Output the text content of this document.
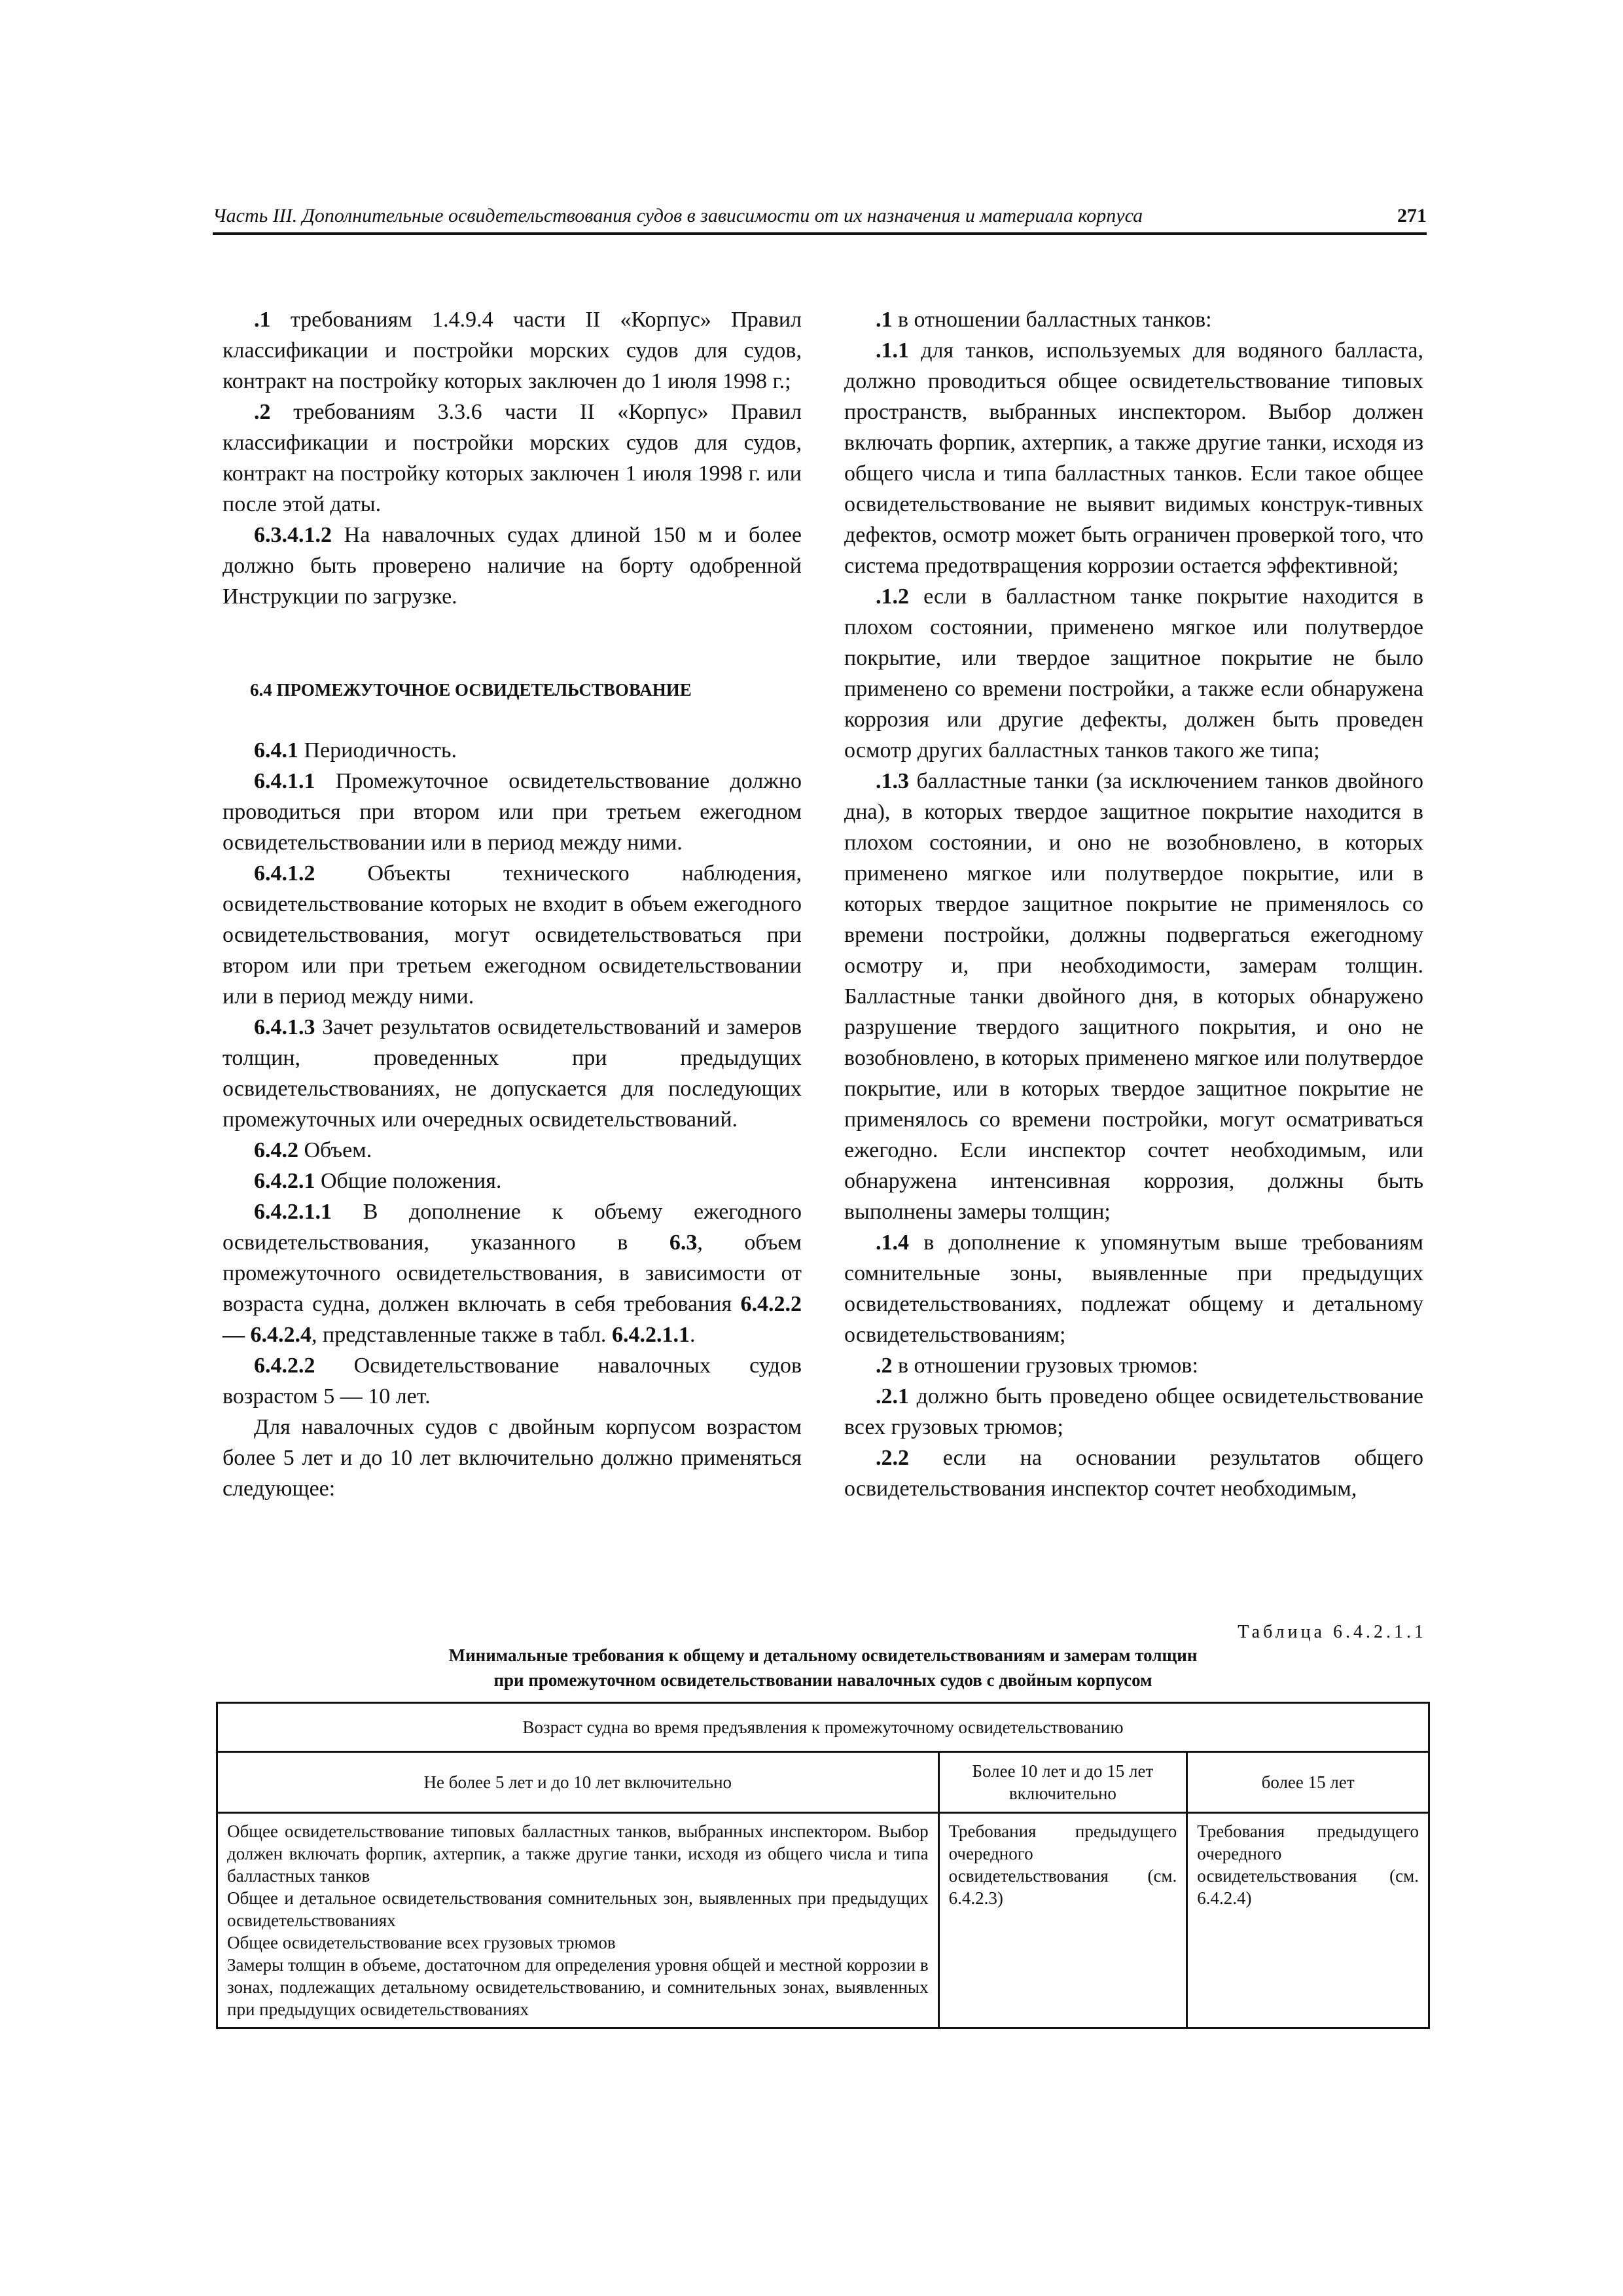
Часть III. Дополнительные освидетельствования судов в зависимости от их назначения и материала корпуса	271

.1 требованиям 1.4.9.4 части II «Корпус» Правил классификации и постройки морских судов для судов, контракт на постройку которых заключен до 1 июля 1998 г.;

.2 требованиям 3.3.6 части II «Корпус» Правил классификации и постройки морских судов для судов, контракт на постройку которых заключен 1 июля 1998 г. или после этой даты.

6.3.4.1.2 На навалочных судах длиной 150 м и более должно быть проверено наличие на борту одобренной Инструкции по загрузке.

6.4 ПРОМЕЖУТОЧНОЕ ОСВИДЕТЕЛЬСТВОВАНИЕ

6.4.1 Периодичность.

6.4.1.1 Промежуточное освидетельствование должно проводиться при втором или при третьем ежегодном освидетельствовании или в период между ними.

6.4.1.2 Объекты технического наблюдения, освидетельствование которых не входит в объем ежегодного освидетельствования, могут освидетельствоваться при втором или при третьем ежегодном освидетельствовании или в период между ними.

6.4.1.3 Зачет результатов освидетельствований и замеров толщин, проведенных при предыдущих освидетельствованиях, не допускается для последующих промежуточных или очередных освидетельствований.

6.4.2 Объем.

6.4.2.1 Общие положения.

6.4.2.1.1 В дополнение к объему ежегодного освидетельствования, указанного в 6.3, объем промежуточного освидетельствования, в зависимости от возраста судна, должен включать в себя требования 6.4.2.2 — 6.4.2.4, представленные также в табл. 6.4.2.1.1.

6.4.2.2 Освидетельствование навалочных судов возрастом 5 — 10 лет.

Для навалочных судов с двойным корпусом возрастом более 5 лет и до 10 лет включительно должно применяться следующее:

.1 в отношении балластных танков:

.1.1 для танков, используемых для водяного балласта, должно проводиться общее освидетельствование типовых пространств, выбранных инспектором. Выбор должен включать форпик, ахтерпик, а также другие танки, исходя из общего числа и типа балластных танков. Если такое общее освидетельствование не выявит видимых конструк-тивных дефектов, осмотр может быть ограничен проверкой того, что система предотвращения коррозии остается эффективной;

.1.2 если в балластном танке покрытие находится в плохом состоянии, применено мягкое или полутвердое покрытие, или твердое защитное покрытие не было применено со времени постройки, а также если обнаружена коррозия или другие дефекты, должен быть проведен осмотр других балластных танков такого же типа;

.1.3 балластные танки (за исключением танков двойного дна), в которых твердое защитное покрытие находится в плохом состоянии, и оно не возобновлено, в которых применено мягкое или полутвердое покрытие, или в которых твердое защитное покрытие не применялось со времени постройки, должны подвергаться ежегодному осмотру и, при необходимости, замерам толщин. Балластные танки двойного дня, в которых обнаружено разрушение твердого защитного покрытия, и оно не возобновлено, в которых применено мягкое или полутвердое покрытие, или в которых твердое защитное покрытие не применялось со времени постройки, могут осматриваться ежегодно. Если инспектор сочтет необходимым, или обнаружена интенсивная коррозия, должны быть выполнены замеры толщин;

.1.4 в дополнение к упомянутым выше требованиям сомнительные зоны, выявленные при предыдущих освидетельствованиях, подлежат общему и детальному освидетельствованиям;

.2 в отношении грузовых трюмов:

.2.1 должно быть проведено общее освидетельствование всех грузовых трюмов;

.2.2 если на основании результатов общего освидетельствования инспектор сочтет необходимым,

Таблица 6.4.2.1.1
Минимальные требования к общему и детальному освидетельствованиям и замерам толщин
при промежуточном освидетельствовании навалочных судов с двойным корпусом
Возраст судна во время предъявления к промежуточному освидетельствованию		
Не более 5 лет и до 10 лет включительно	Более 10 лет и до 15 лет включительно	более 15 лет

Общее освидетельствование типовых балластных танков, выбранных инспектором. Выбор должен включать форпик, ахтерпик, а также другие танки, исходя из общего числа и типа балластных танков
Общее и детальное освидетельствования сомнительных зон, выявленных при предыдущих освидетельствованиях
Общее освидетельствование всех грузовых трюмов
Замеры толщин в объеме, достаточном для определения уровня общей и местной коррозии в зонах, подлежащих детальному освидетельствованию, и сомнительных зонах, выявленных при предыдущих освидетельствованиях	Требования предыдущего очередного освидетельствования (см. 6.4.2.3)	Требования предыдущего очередного освидетельствования (см. 6.4.2.4)
